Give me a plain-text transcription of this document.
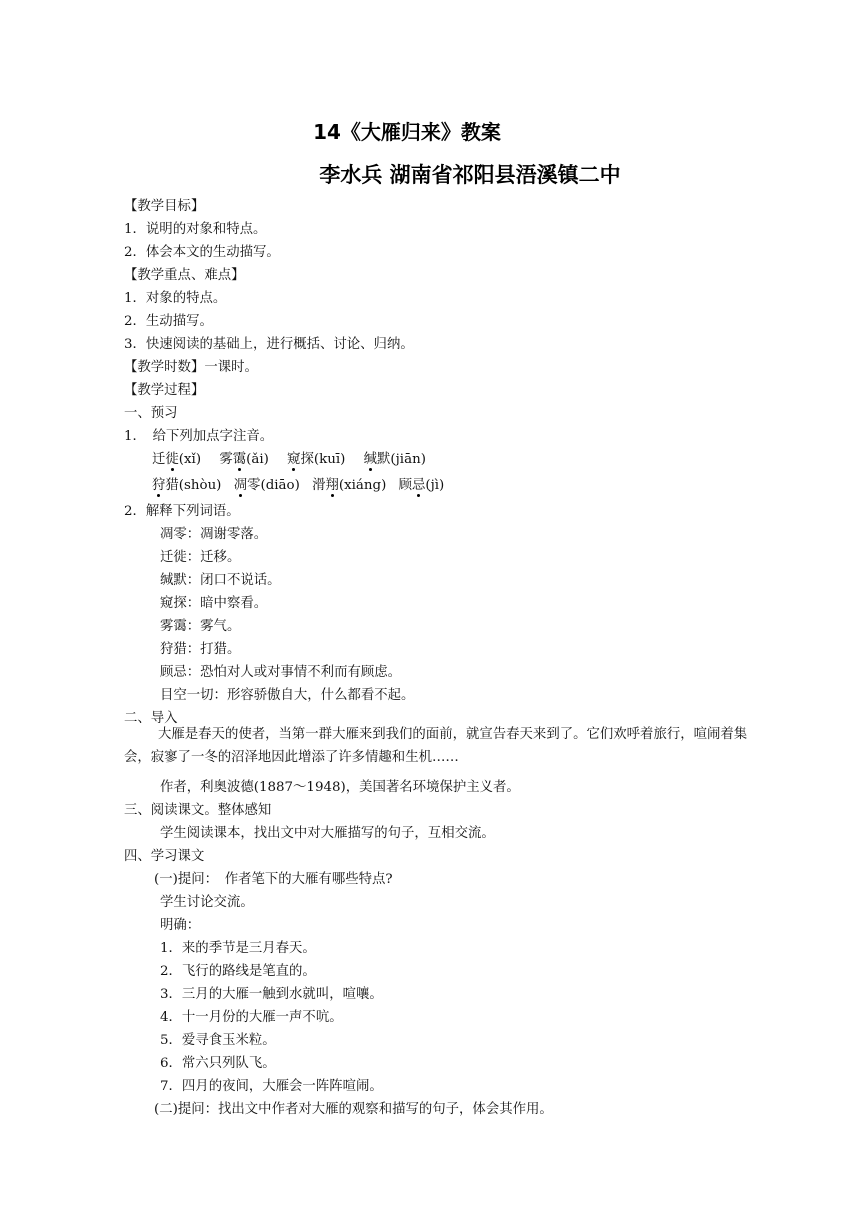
14《大雁归来》教案
李水兵 湖南省祁阳县浯溪镇二中
【教学目标】
1．说明的对象和特点。
2．体会本文的生动描写。
【教学重点、难点】
1．对象的特点。
2．生动描写。
3．快速阅读的基础上，进行概括、讨论、归纳。
【教学时数】一课时。
【教学过程】
一、预习
1．　给下列加点字注音。
迁徙(xǐ) 雾霭(ǎi) 窥探(kuī) 缄默(jiān)
狩猎(shòu) 凋零(diāo) 滑翔(xiáng) 顾忌(jì)
2．解释下列词语。
凋零：凋谢零落。
迁徙：迁移。
缄默：闭口不说话。
窥探：暗中察看。
雾霭：雾气。
狩猎：打猎。
顾忌：恐怕对人或对事情不利而有顾虑。
目空一切：形容骄傲自大，什么都看不起。
二、导入
大雁是春天的使者，当第一群大雁来到我们的面前，就宣告春天来到了。它们欢呼着旅行，喧闹着集会，寂寥了一冬的沼泽地因此增添了许多情趣和生机……
作者，利奥波德(1887～1948)，美国著名环境保护主义者。
三、阅读课文。整体感知
学生阅读课本，找出文中对大雁描写的句子，互相交流。
四、学习课文
(一)提问：　作者笔下的大雁有哪些特点?
学生讨论交流。
明确：
1．来的季节是三月春天。
2．飞行的路线是笔直的。
3．三月的大雁一触到水就叫，喧嚷。
4．十一月份的大雁一声不吭。
5．爱寻食玉米粒。
6．常六只列队飞。
7．四月的夜间，大雁会一阵阵喧闹。
(二)提问：找出文中作者对大雁的观察和描写的句子，体会其作用。
